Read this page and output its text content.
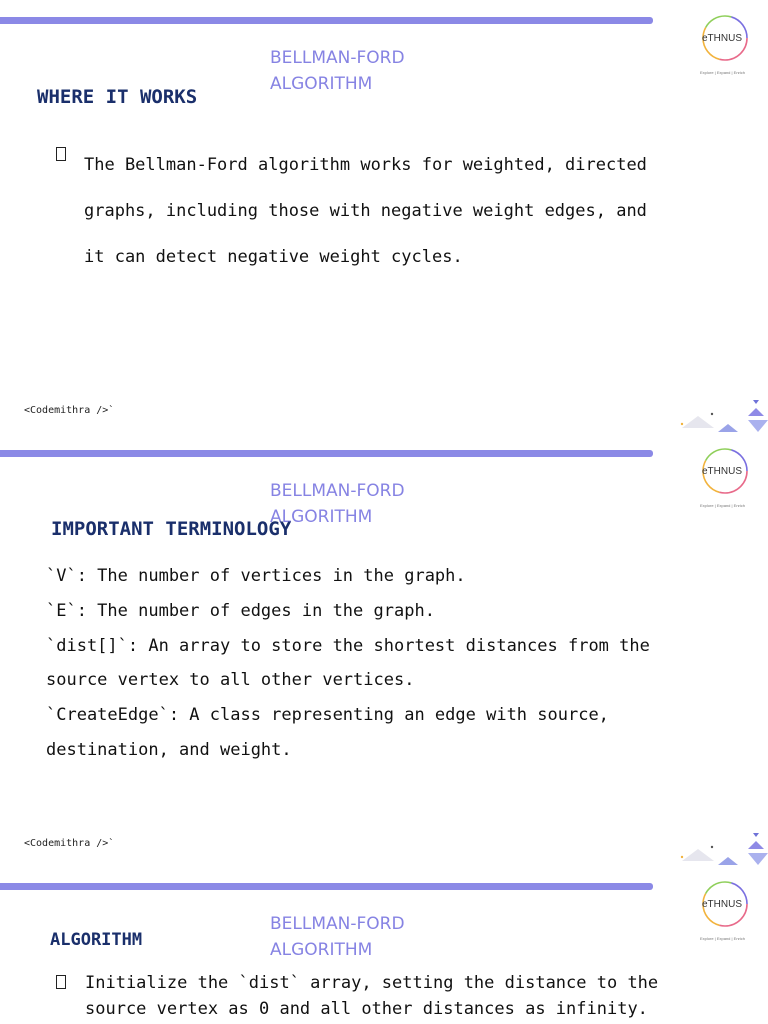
eTHNUS
Explore | Expand | Enrich
BELLMAN-FORD
ALGORITHM
WHERE IT WORKS
The Bellman-Ford algorithm works for weighted, directed
graphs, including those with negative weight edges, and
it can detect negative weight cycles.
<Codemithra />`
eTHNUS
Explore | Expand | Enrich
BELLMAN-FORD
ALGORITHM
IMPORTANT TERMINOLOGY
`V`: The number of vertices in the graph.
`E`: The number of edges in the graph.
`dist[]`: An array to store the shortest distances from the
source vertex to all other vertices.
`CreateEdge`: A class representing an edge with source,
destination, and weight.
<Codemithra />`
eTHNUS
Explore | Expand | Enrich
BELLMAN-FORD
ALGORITHM
ALGORITHM
Initialize the `dist` array, setting the distance to the
source vertex as 0 and all other distances as infinity.
